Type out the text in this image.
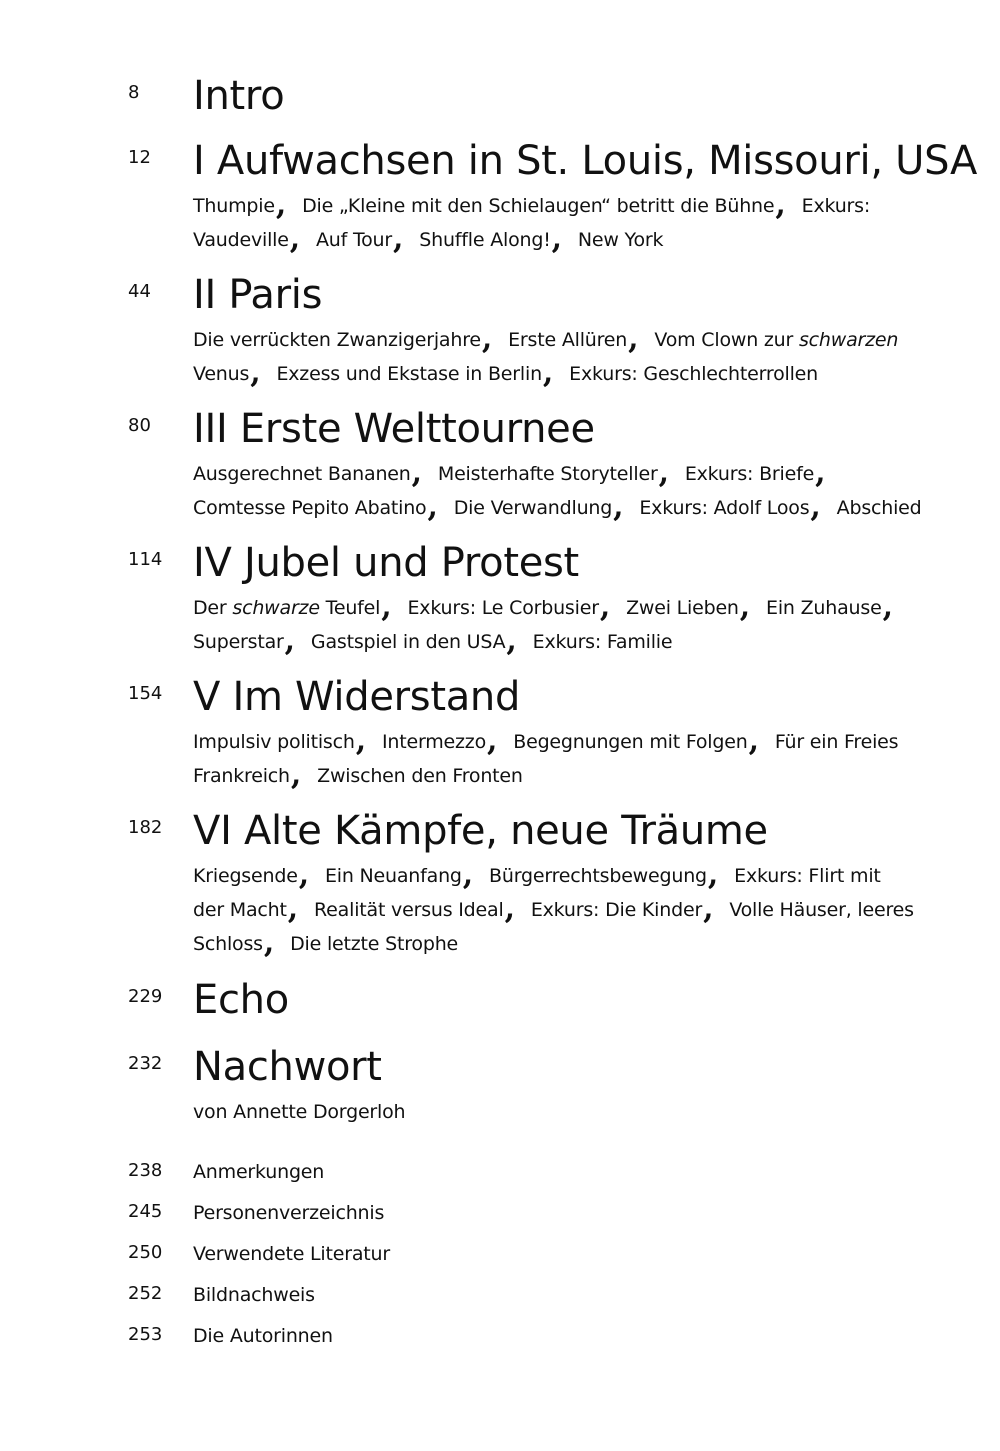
8 Intro
12 I Aufwachsen in St. Louis, Missouri, USA
Thumpie, Die „Kleine mit den Schielaugen“ betritt die Bühne, Exkurs:
Vaudeville, Auf Tour, Shuffle Along!, New York
44 II Paris
Die verrückten Zwanzigerjahre, Erste Allüren, Vom Clown zur schwarzen
Venus, Exzess und Ekstase in Berlin, Exkurs: Geschlechterrollen
80 III Erste Welttournee
Ausgerechnet Bananen, Meisterhafte Storyteller, Exkurs: Briefe,
Comtesse Pepito Abatino, Die Verwandlung, Exkurs: Adolf Loos, Abschied
114 IV Jubel und Protest
Der schwarze Teufel, Exkurs: Le Corbusier, Zwei Lieben, Ein Zuhause,
Superstar, Gastspiel in den USA, Exkurs: Familie
154 V Im Widerstand
Impulsiv politisch, Intermezzo, Begegnungen mit Folgen, Für ein Freies
Frankreich, Zwischen den Fronten
182 VI Alte Kämpfe, neue Träume
Kriegsende, Ein Neuanfang, Bürgerrechtsbewegung, Exkurs: Flirt mit
der Macht, Realität versus Ideal, Exkurs: Die Kinder, Volle Häuser, leeres
Schloss, Die letzte Strophe
229 Echo
232 Nachwort
von Annette Dorgerloh
238 Anmerkungen
245 Personenverzeichnis
250 Verwendete Literatur
252 Bildnachweis
253 Die Autorinnen
